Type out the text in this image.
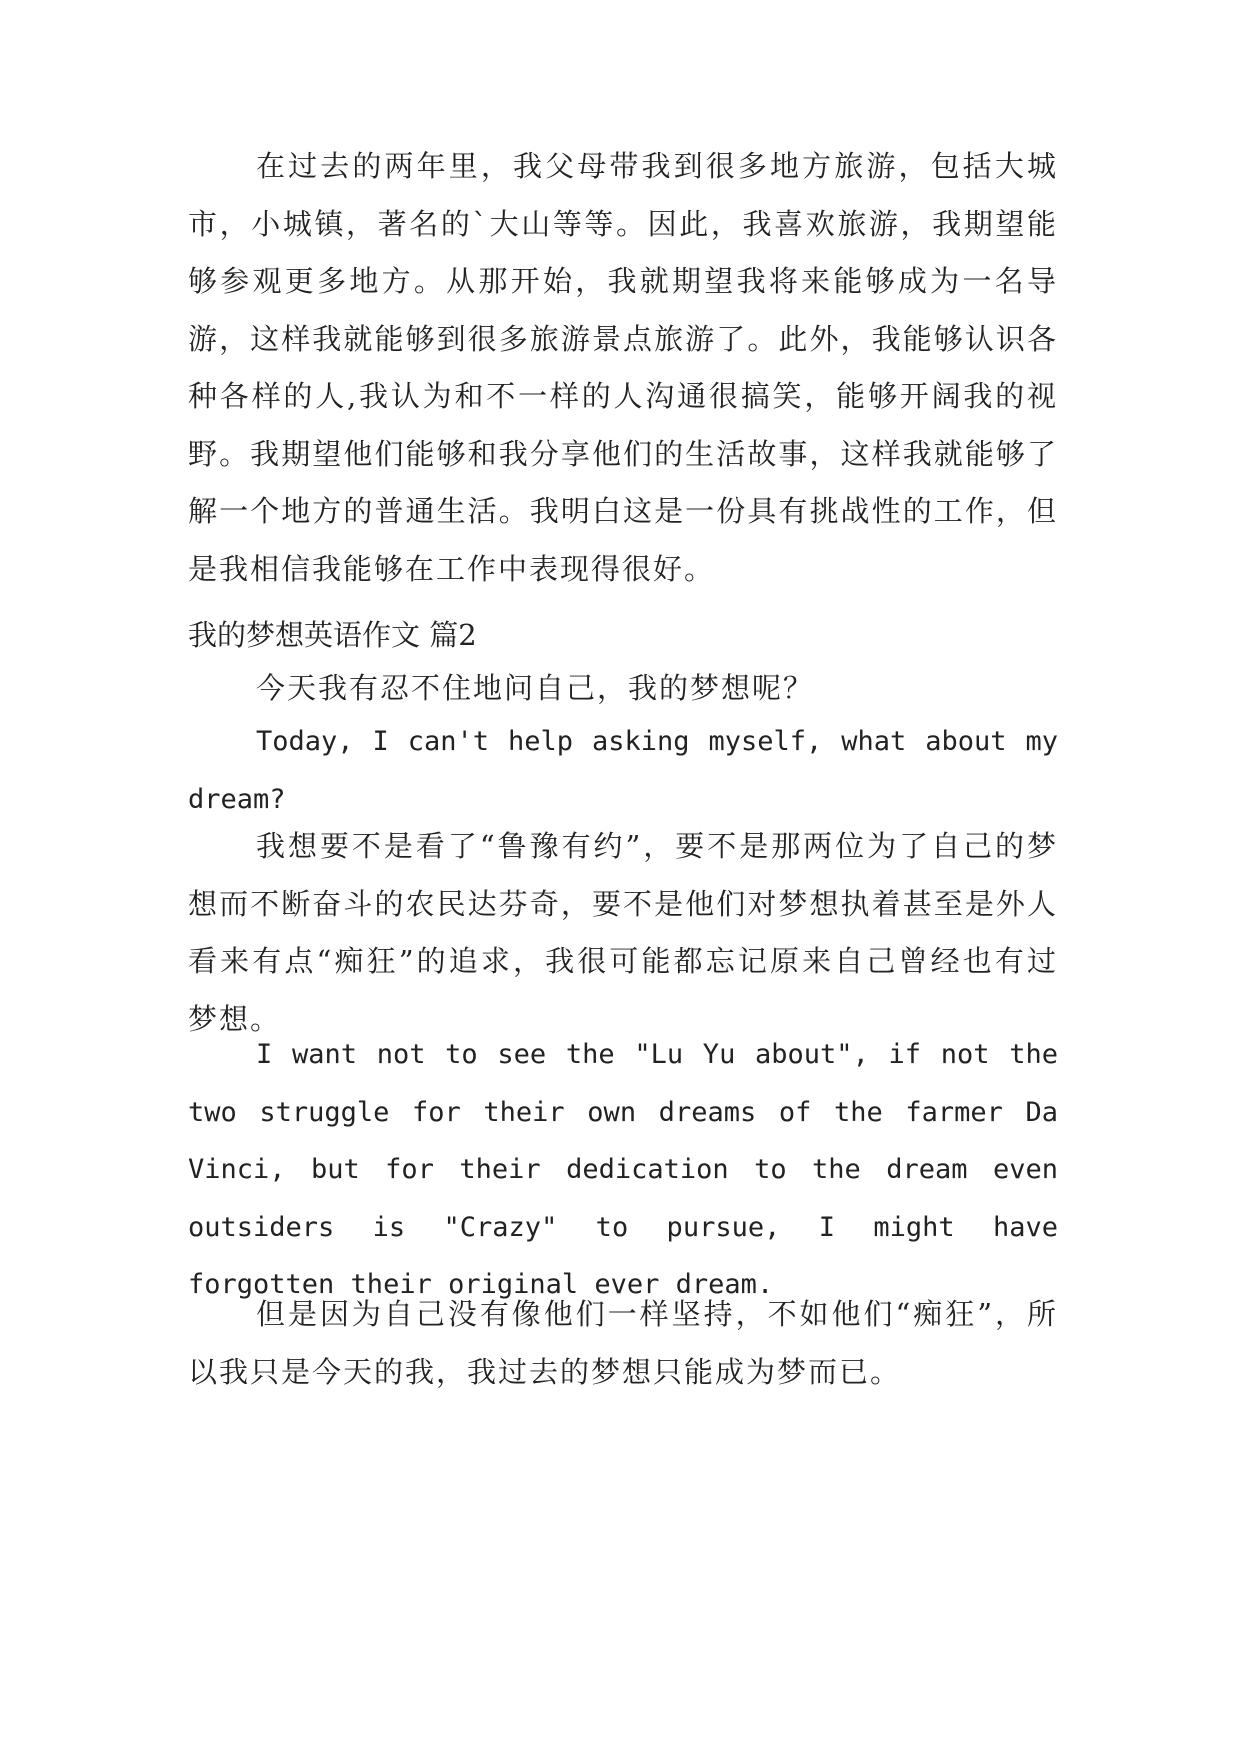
在过去的两年里，我父母带我到很多地方旅游，包括大城市，小城镇，著名的`大山等等。因此，我喜欢旅游，我期望能够参观更多地方。从那开始，我就期望我将来能够成为一名导游，这样我就能够到很多旅游景点旅游了。此外，我能够认识各种各样的人,我认为和不一样的人沟通很搞笑，能够开阔我的视野。我期望他们能够和我分享他们的生活故事，这样我就能够了解一个地方的普通生活。我明白这是一份具有挑战性的工作，但是我相信我能够在工作中表现得很好。

我的梦想英语作文 篇2

今天我有忍不住地问自己，我的梦想呢？

Today, I can't help asking myself, what about my dream?

我想要不是看了“鲁豫有约”，要不是那两位为了自己的梦想而不断奋斗的农民达芬奇，要不是他们对梦想执着甚至是外人看来有点“痴狂”的追求，我很可能都忘记原来自己曾经也有过梦想。

I want not to see the "Lu Yu about", if not the two struggle for their own dreams of the farmer Da Vinci, but for their dedication to the dream even outsiders is "Crazy" to pursue, I might have forgotten their original ever dream.

但是因为自己没有像他们一样坚持，不如他们“痴狂”，所以我只是今天的我，我过去的梦想只能成为梦而已。
